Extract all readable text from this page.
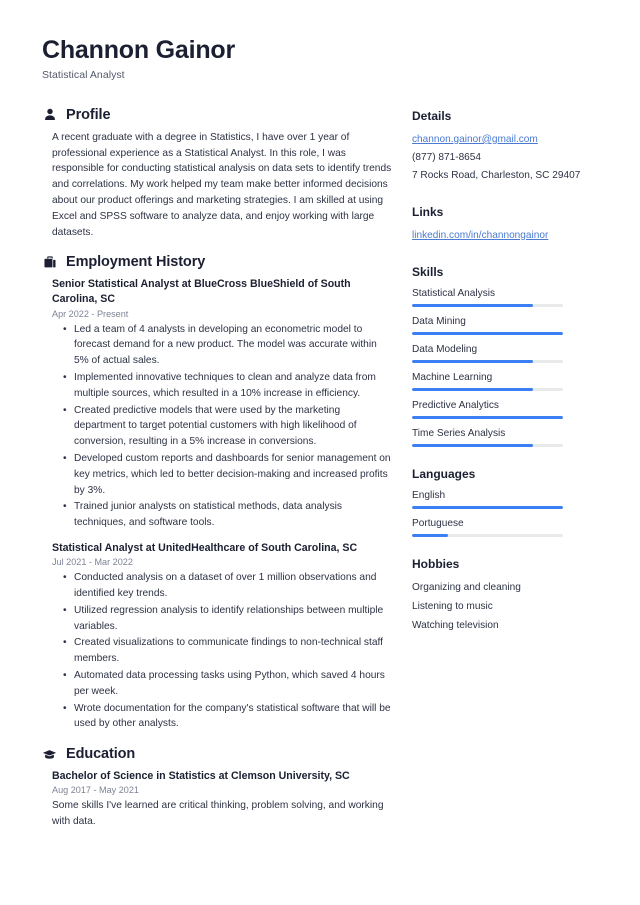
Channon Gainor

Statistical Analyst

Profile

A recent graduate with a degree in Statistics, I have over 1 year of professional experience as a Statistical Analyst. In this role, I was responsible for conducting statistical analysis on data sets to identify trends and correlations. My work helped my team make better informed decisions about our product offerings and marketing strategies. I am skilled at using Excel and SPSS software to analyze data, and enjoy working with large datasets.

Employment History

Senior Statistical Analyst at BlueCross BlueShield of South Carolina, SC

Apr 2022 - Present

• Led a team of 4 analysts in developing an econometric model to forecast demand for a new product. The model was accurate within 5% of actual sales.
• Implemented innovative techniques to clean and analyze data from multiple sources, which resulted in a 10% increase in efficiency.
• Created predictive models that were used by the marketing department to target potential customers with high likelihood of conversion, resulting in a 5% increase in conversions.
• Developed custom reports and dashboards for senior management on key metrics, which led to better decision-making and increased profits by 3%.
• Trained junior analysts on statistical methods, data analysis techniques, and software tools.

Statistical Analyst at UnitedHealthcare of South Carolina, SC

Jul 2021 - Mar 2022

• Conducted analysis on a dataset of over 1 million observations and identified key trends.
• Utilized regression analysis to identify relationships between multiple variables.
• Created visualizations to communicate findings to non-technical staff members.
• Automated data processing tasks using Python, which saved 4 hours per week.
• Wrote documentation for the company's statistical software that will be used by other analysts.
Education

Bachelor of Science in Statistics at Clemson University, SC

Aug 2017 - May 2021

Some skills I've learned are critical thinking, problem solving, and working with data.

Details

channon.gainor@gmail.com
(877) 871-8654
7 Rocks Road, Charleston, SC 29407

Links

linkedin.com/in/channongainor

Skills

Statistical Analysis
Data Mining
Data Modeling
Machine Learning
Predictive Analytics
Time Series Analysis

Languages

English
Portuguese

Hobbies

Organizing and cleaning
Listening to music
Watching television
